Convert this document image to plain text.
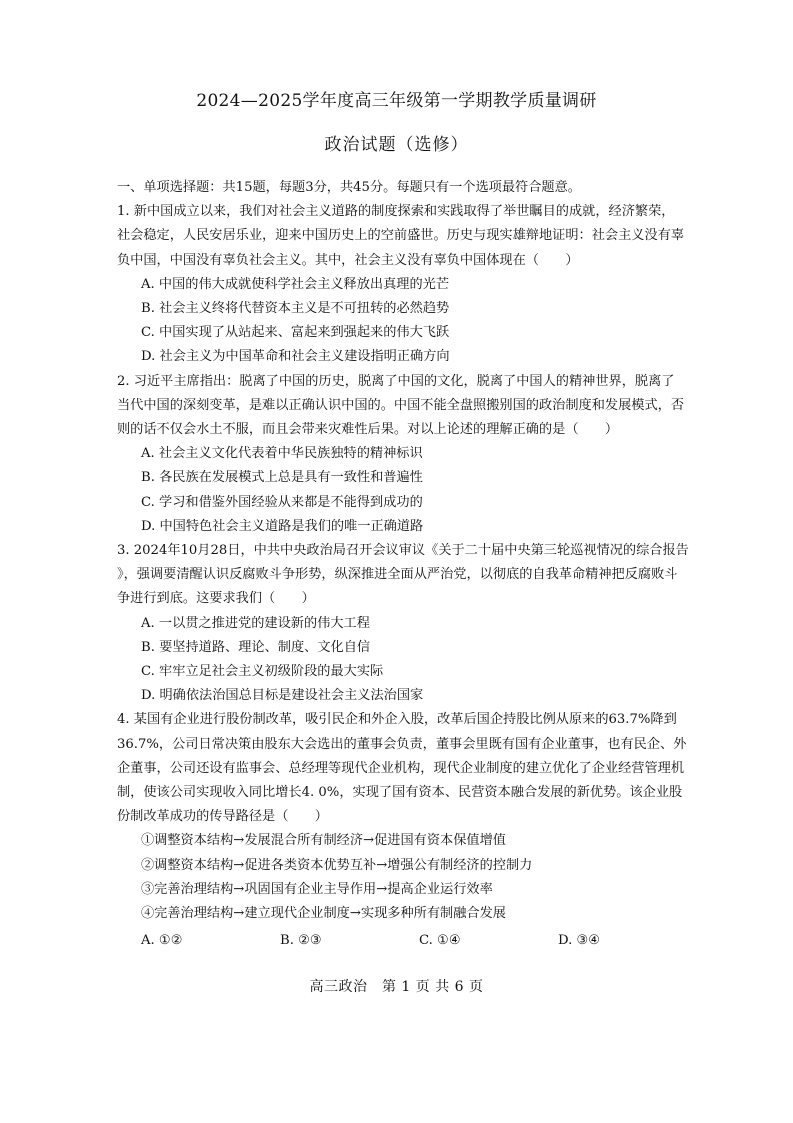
2024—2025学年度高三年级第一学期教学质量调研
政治试题（选修）
一、单项选择题：共15题，每题3分，共45分。每题只有一个选项最符合题意。
1. 新中国成立以来，我们对社会主义道路的制度探索和实践取得了举世瞩目的成就，经济繁荣，
社会稳定，人民安居乐业，迎来中国历史上的空前盛世。历史与现实雄辩地证明：社会主义没有辜
负中国，中国没有辜负社会主义。其中，社会主义没有辜负中国体现在（　　）
A. 中国的伟大成就使科学社会主义释放出真理的光芒
B. 社会主义终将代替资本主义是不可扭转的必然趋势
C. 中国实现了从站起来、富起来到强起来的伟大飞跃
D. 社会主义为中国革命和社会主义建设指明正确方向
2. 习近平主席指出：脱离了中国的历史，脱离了中国的文化，脱离了中国人的精神世界，脱离了
当代中国的深刻变革，是难以正确认识中国的。中国不能全盘照搬别国的政治制度和发展模式，否
则的话不仅会水土不服，而且会带来灾难性后果。对以上论述的理解正确的是（　　）
A. 社会主义文化代表着中华民族独特的精神标识
B. 各民族在发展模式上总是具有一致性和普遍性
C. 学习和借鉴外国经验从来都是不能得到成功的
D. 中国特色社会主义道路是我们的唯一正确道路
3. 2024年10月28日，中共中央政治局召开会议审议《关于二十届中央第三轮巡视情况的综合报告
》，强调要清醒认识反腐败斗争形势，纵深推进全面从严治党，以彻底的自我革命精神把反腐败斗
争进行到底。这要求我们（　　）
A. 一以贯之推进党的建设新的伟大工程
B. 要坚持道路、理论、制度、文化自信
C. 牢牢立足社会主义初级阶段的最大实际
D. 明确依法治国总目标是建设社会主义法治国家
4. 某国有企业进行股份制改革，吸引民企和外企入股，改革后国企持股比例从原来的63.7%降到
36.7%，公司日常决策由股东大会选出的董事会负责，董事会里既有国有企业董事，也有民企、外
企董事，公司还设有监事会、总经理等现代企业机构，现代企业制度的建立优化了企业经营管理机
制，使该公司实现收入同比增长4. 0%，实现了国有资本、民营资本融合发展的新优势。该企业股
份制改革成功的传导路径是（　　）
①调整资本结构→发展混合所有制经济→促进国有资本保值增值
②调整资本结构→促进各类资本优势互补→增强公有制经济的控制力
③完善治理结构→巩固国有企业主导作用→提高企业运行效率
④完善治理结构→建立现代企业制度→实现多种所有制融合发展
A. ①②	B. ②③	C. ①④	D. ③④
高三政治　第 1 页 共 6 页
